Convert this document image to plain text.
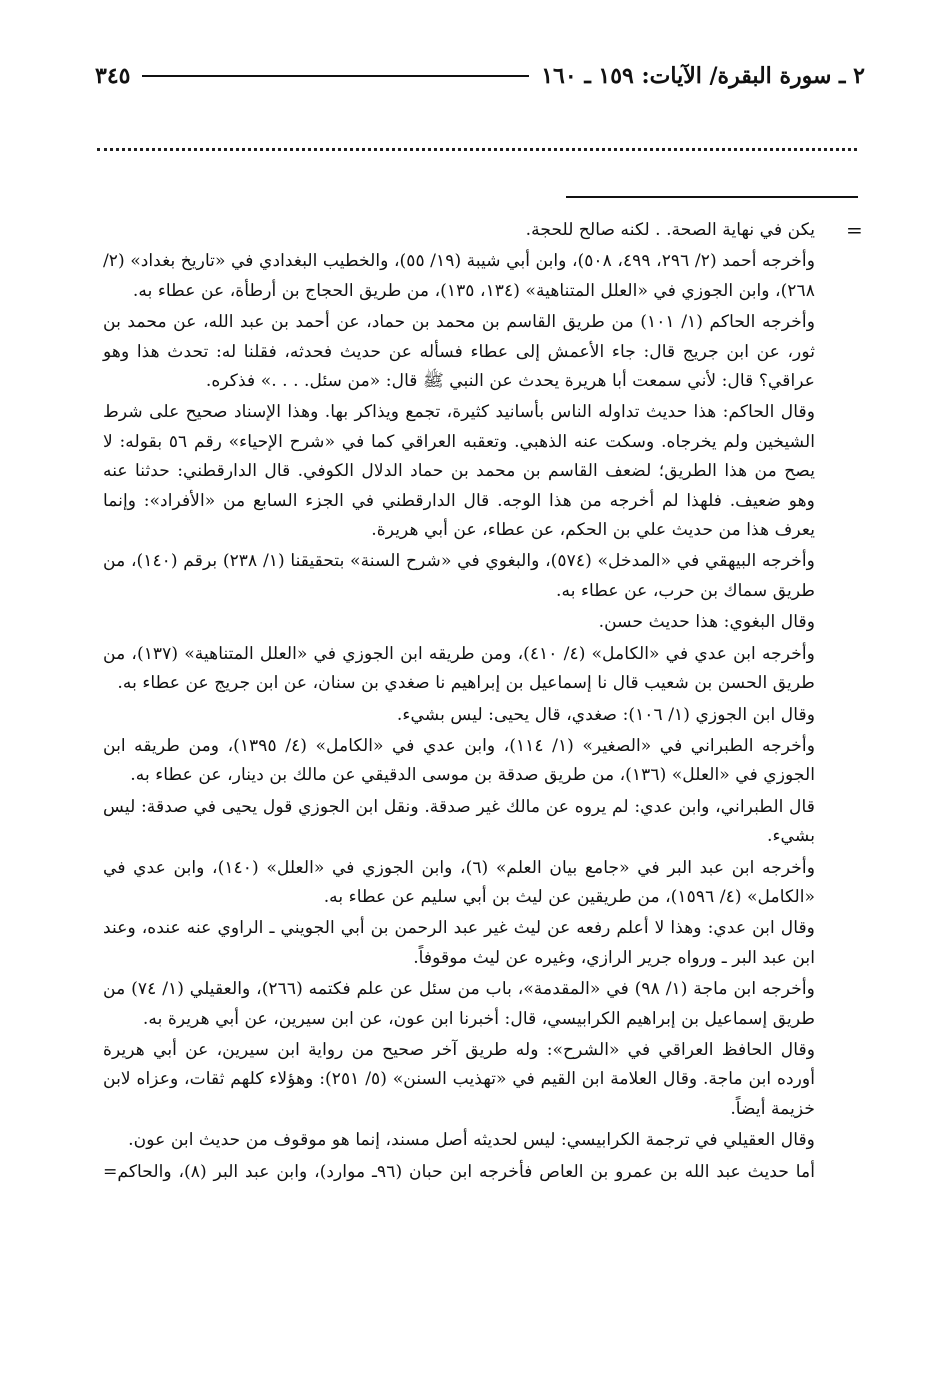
٢ ـ سورة البقرة/ الآيات: ١٥٩ ـ ١٦٠
٣٤٥
=

يكن في نهاية الصحة. . لكنه صالح للحجة.

وأخرجه أحمد (٢/ ٢٩٦، ٤٩٩، ٥٠٨)، وابن أبي شيبة (١٩/ ٥٥)، والخطيب البغدادي في «تاريخ بغداد» (٢/ ٢٦٨)، وابن الجوزي في «العلل المتناهية» (١٣٤، ١٣٥)، من طريق الحجاج بن أرطأة، عن عطاء به.

وأخرجه الحاكم (١/ ١٠١) من طريق القاسم بن محمد بن حماد، عن أحمد بن عبد الله، عن محمد بن ثور، عن ابن جريج قال: جاء الأعمش إلى عطاء فسأله عن حديث فحدثه، فقلنا له: تحدث هذا وهو عراقي؟ قال: لأني سمعت أبا هريرة يحدث عن النبي ﷺ قال: «من سئل. . . .» فذكره.

وقال الحاكم: هذا حديث تداوله الناس بأسانيد كثيرة، تجمع ويذاكر بها. وهذا الإسناد صحيح على شرط الشيخين ولم يخرجاه. وسكت عنه الذهبي. وتعقبه العراقي كما في «شرح الإحياء» رقم ٥٦ بقوله: لا يصح من هذا الطريق؛ لضعف القاسم بن محمد بن حماد الدلال الكوفي. قال الدارقطني: حدثنا عنه وهو ضعيف. فلهذا لم أخرجه من هذا الوجه. قال الدارقطني في الجزء السابع من «الأفراد»: وإنما يعرف هذا من حديث علي بن الحكم، عن عطاء، عن أبي هريرة.

وأخرجه البيهقي في «المدخل» (٥٧٤)، والبغوي في «شرح السنة» بتحقيقنا (١/ ٢٣٨) برقم (١٤٠)، من طريق سماك بن حرب، عن عطاء به.

وقال البغوي: هذا حديث حسن.

وأخرجه ابن عدي في «الكامل» (٤/ ٤١٠)، ومن طريقه ابن الجوزي في «العلل المتناهية» (١٣٧)، من طريق الحسن بن شعيب قال نا إسماعيل بن إبراهيم نا صغدي بن سنان، عن ابن جريج عن عطاء به.

وقال ابن الجوزي (١/ ١٠٦): صغدي، قال يحيى: ليس بشيء.

وأخرجه الطبراني في «الصغير» (١/ ١١٤)، وابن عدي في «الكامل» (٤/ ١٣٩٥)، ومن طريقه ابن الجوزي في «العلل» (١٣٦)، من طريق صدقة بن موسى الدقيقي عن مالك بن دينار، عن عطاء به.

قال الطبراني، وابن عدي: لم يروه عن مالك غير صدقة. ونقل ابن الجوزي قول يحيى في صدقة: ليس بشيء.

وأخرجه ابن عبد البر في «جامع بيان العلم» (٦)، وابن الجوزي في «العلل» (١٤٠)، وابن عدي في «الكامل» (٤/ ١٥٩٦)، من طريقين عن ليث بن أبي سليم عن عطاء به.

وقال ابن عدي: وهذا لا أعلم رفعه عن ليث غير عبد الرحمن بن أبي الجويني ـ الراوي عنه عنده، وعند ابن عبد البر ـ ورواه جرير الرازي، وغيره عن ليث موقوفاً.

وأخرجه ابن ماجة (١/ ٩٨) في «المقدمة»، باب من سئل عن علم فكتمه (٢٦٦)، والعقيلي (١/ ٧٤) من طريق إسماعيل بن إبراهيم الكرابيسي، قال: أخبرنا ابن عون، عن ابن سيرين، عن أبي هريرة به.

وقال الحافظ العراقي في «الشرح»: وله طريق آخر صحيح من رواية ابن سيرين، عن أبي هريرة أورده ابن ماجة. وقال العلامة ابن القيم في «تهذيب السنن» (٥/ ٢٥١): وهؤلاء كلهم ثقات، وعزاه لابن خزيمة أيضاً.

وقال العقيلي في ترجمة الكرابيسي: ليس لحديثه أصل مسند، إنما هو موقوف من حديث ابن عون.

أما حديث عبد الله بن عمرو بن العاص فأخرجه ابن حبان (٩٦ـ موارد)، وابن عبد البر (٨)، والحاكم=
